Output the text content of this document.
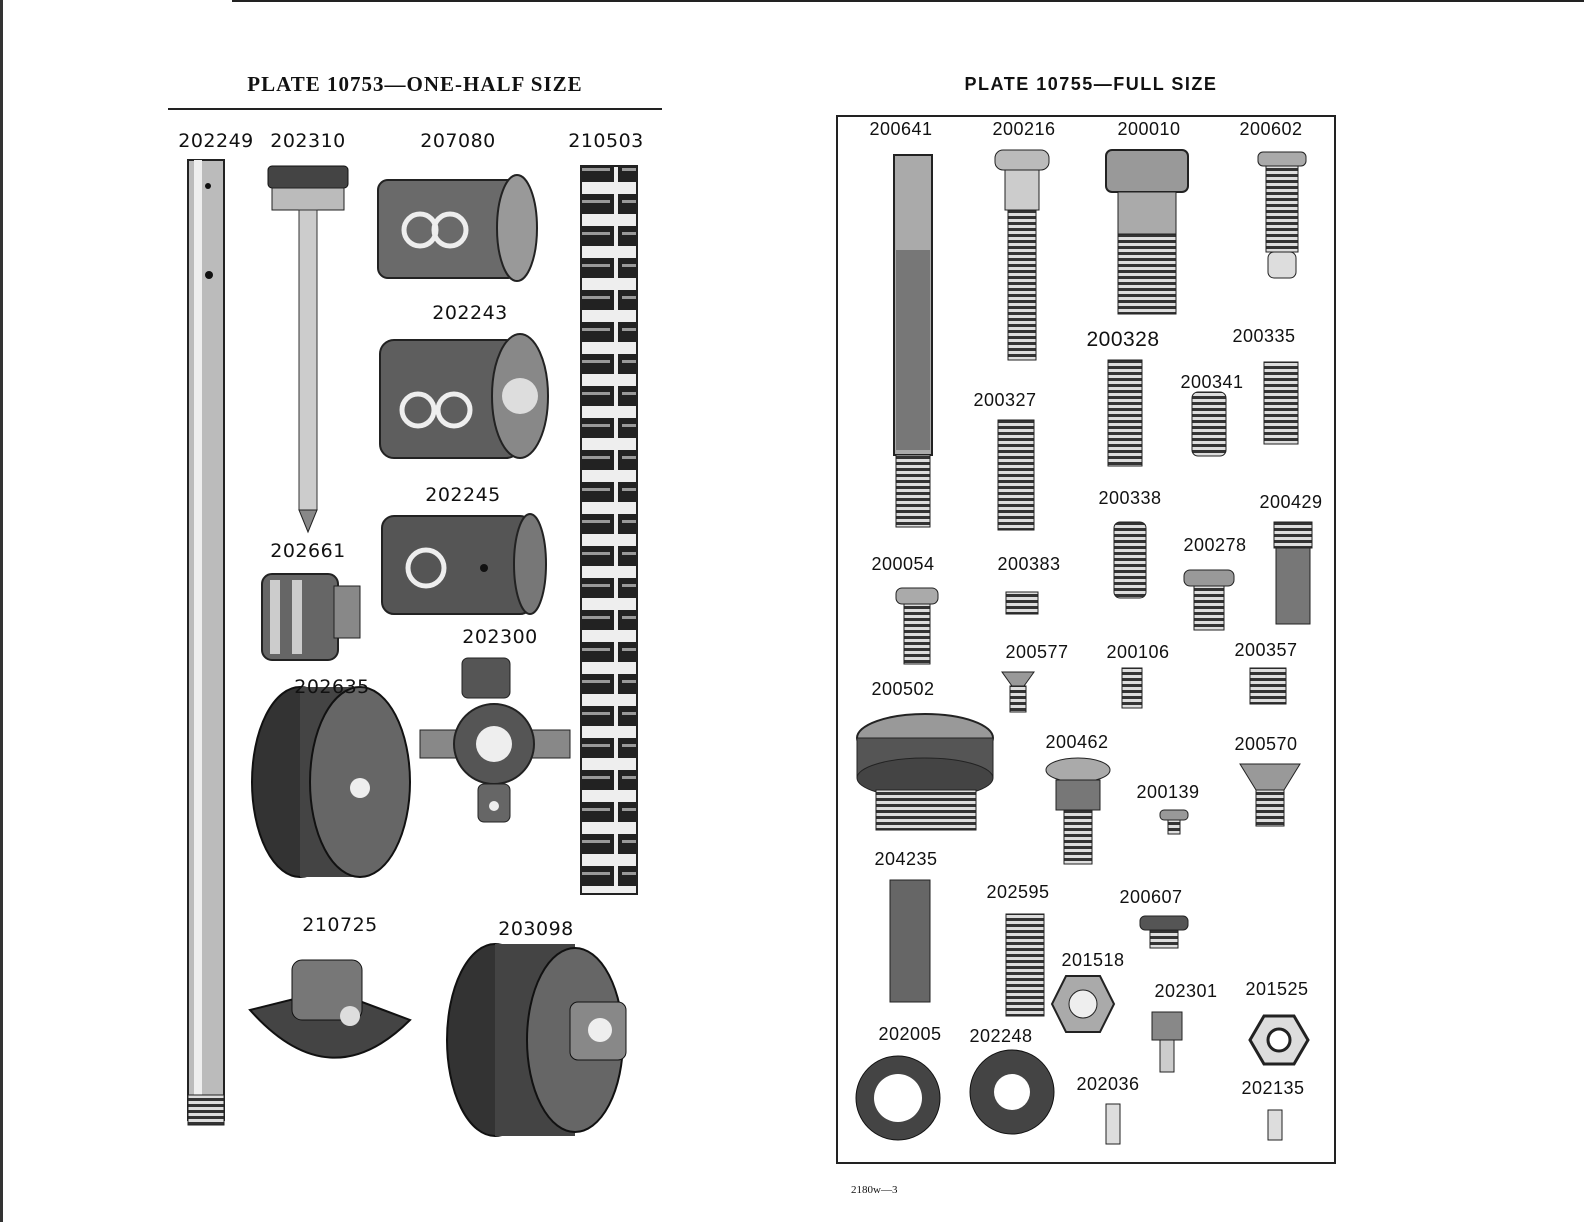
PLATE 10753—ONE-HALF SIZE
202249 202310	207080	210503
202243
202245
202661
202300
202635
210725	203098
PLATE 10755—FULL SIZE
200641	200216	200010	200602
200328	200335
200341
200327
200338	200429
200278
200054	200383
200577 200106	200357
200502
200462	200570
200139
204235
202595	200607
201518
202301 201525
202005 202248
202036	202135
2180w—3
